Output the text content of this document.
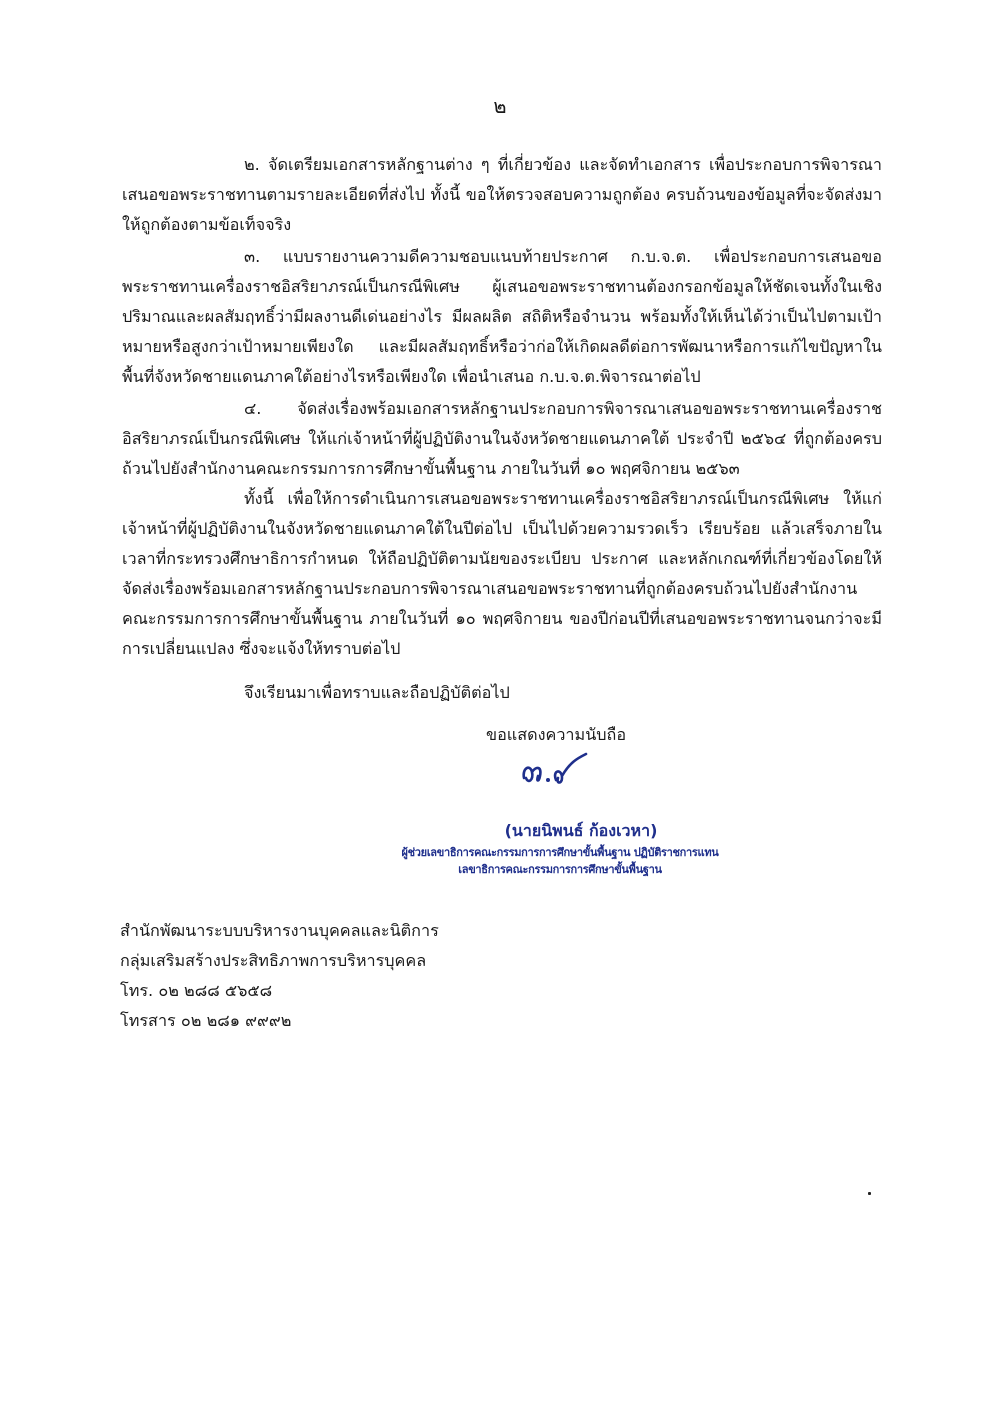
๒

๒. จัดเตรียมเอกสารหลักฐานต่าง ๆ ที่เกี่ยวข้อง และจัดทำเอกสาร เพื่อประกอบการพิจารณาเสนอขอพระราชทานตามรายละเอียดที่ส่งไป ทั้งนี้ ขอให้ตรวจสอบความถูกต้อง ครบถ้วนของข้อมูลที่จะจัดส่งมาให้ถูกต้องตามข้อเท็จจริง

๓. แบบรายงานความดีความชอบแนบท้ายประกาศ ก.บ.จ.ต. เพื่อประกอบการเสนอขอพระราชทานเครื่องราชอิสริยาภรณ์เป็นกรณีพิเศษ ผู้เสนอขอพระราชทานต้องกรอกข้อมูลให้ชัดเจนทั้งในเชิงปริมาณและผลสัมฤทธิ์ว่ามีผลงานดีเด่นอย่างไร มีผลผลิต สถิติหรือจำนวน พร้อมทั้งให้เห็นได้ว่าเป็นไปตามเป้าหมายหรือสูงกว่าเป้าหมายเพียงใด และมีผลสัมฤทธิ์หรือว่าก่อให้เกิดผลดีต่อการพัฒนาหรือการแก้ไขปัญหาในพื้นที่จังหวัดชายแดนภาคใต้อย่างไรหรือเพียงใด เพื่อนำเสนอ ก.บ.จ.ต.พิจารณาต่อไป

๔. จัดส่งเรื่องพร้อมเอกสารหลักฐานประกอบการพิจารณาเสนอขอพระราชทานเครื่องราชอิสริยาภรณ์เป็นกรณีพิเศษ ให้แก่เจ้าหน้าที่ผู้ปฏิบัติงานในจังหวัดชายแดนภาคใต้ ประจำปี ๒๕๖๔ ที่ถูกต้องครบถ้วนไปยังสำนักงานคณะกรรมการการศึกษาขั้นพื้นฐาน ภายในวันที่ ๑๐ พฤศจิกายน ๒๕๖๓

ทั้งนี้ เพื่อให้การดำเนินการเสนอขอพระราชทานเครื่องราชอิสริยาภรณ์เป็นกรณีพิเศษ ให้แก่เจ้าหน้าที่ผู้ปฏิบัติงานในจังหวัดชายแดนภาคใต้ในปีต่อไป เป็นไปด้วยความรวดเร็ว เรียบร้อย แล้วเสร็จภายในเวลาที่กระทรวงศึกษาธิการกำหนด ให้ถือปฏิบัติตามนัยของระเบียบ ประกาศ และหลักเกณฑ์ที่เกี่ยวข้องโดยให้จัดส่งเรื่องพร้อมเอกสารหลักฐานประกอบการพิจารณาเสนอขอพระราชทานที่ถูกต้องครบถ้วนไปยังสำนักงานคณะกรรมการการศึกษาขั้นพื้นฐาน ภายในวันที่ ๑๐ พฤศจิกายน ของปีก่อนปีที่เสนอขอพระราชทานจนกว่าจะมีการเปลี่ยนแปลง ซึ่งจะแจ้งให้ทราบต่อไป

จึงเรียนมาเพื่อทราบและถือปฏิบัติต่อไป

ขอแสดงความนับถือ

(นายนิพนธ์ ก้องเวหา)

ผู้ช่วยเลขาธิการคณะกรรมการการศึกษาขั้นพื้นฐาน ปฏิบัติราชการแทน

เลขาธิการคณะกรรมการการศึกษาขั้นพื้นฐาน

สำนักพัฒนาระบบบริหารงานบุคคลและนิติการ
กลุ่มเสริมสร้างประสิทธิภาพการบริหารบุคคล
โทร. ๐๒ ๒๘๘ ๕๖๕๘
โทรสาร ๐๒ ๒๘๑ ๙๙๙๒
